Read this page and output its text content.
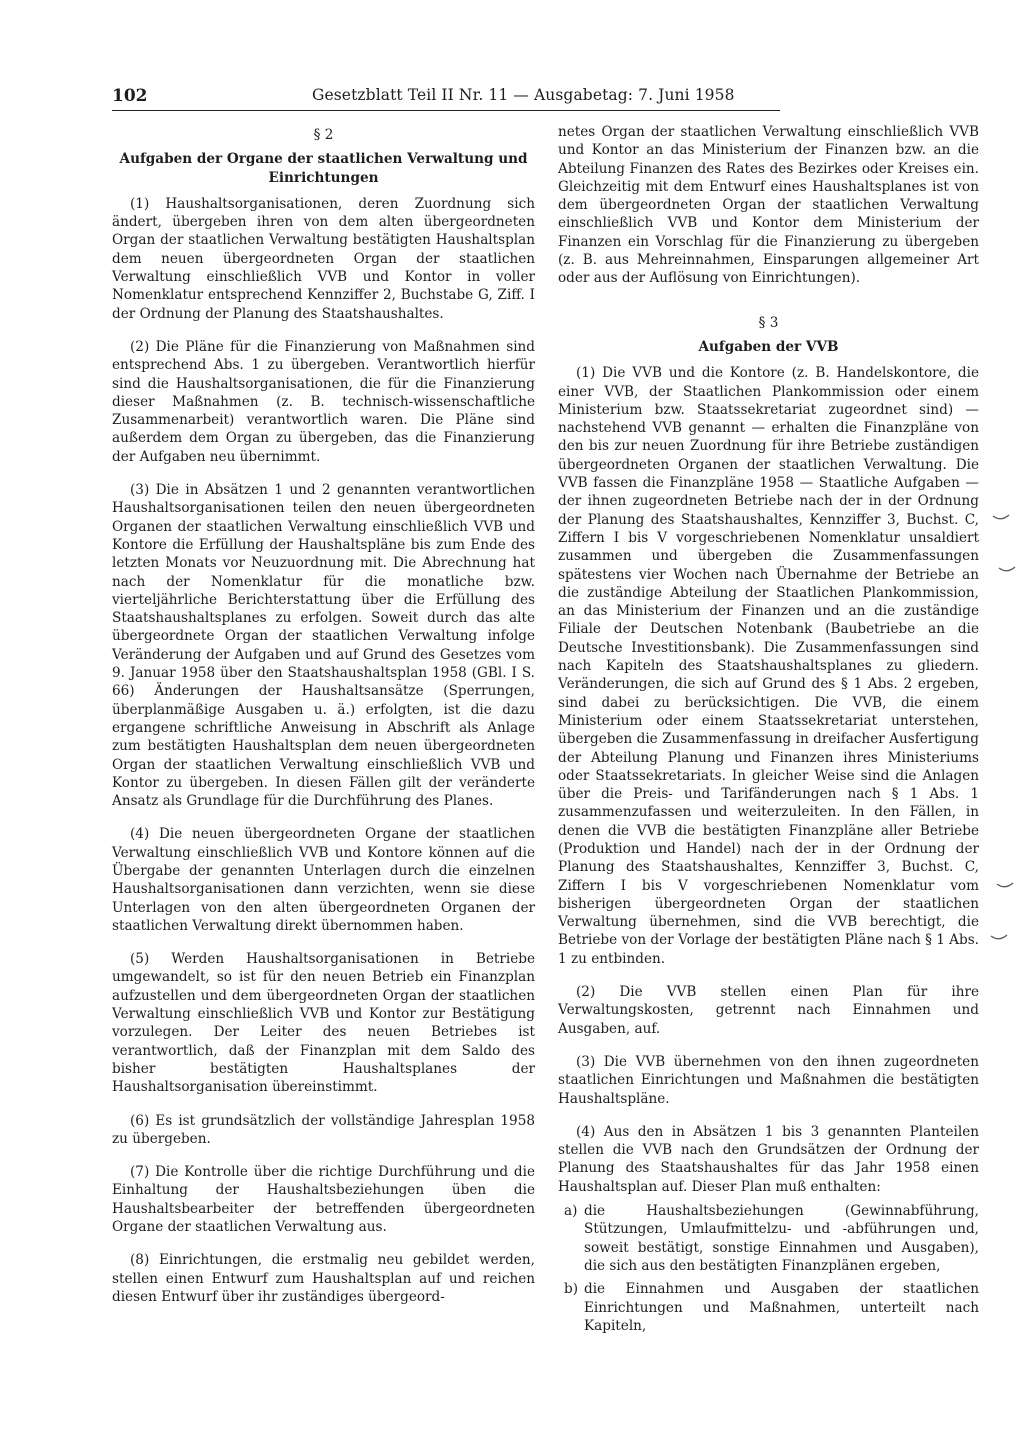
102	Gesetzblatt Teil II Nr. 11 — Ausgabetag: 7. Juni 1958
§ 2
Aufgaben der Organe der staatlichen Verwaltung und Einrichtungen

(1) Haushaltsorganisationen, deren Zuordnung sich ändert, übergeben ihren von dem alten übergeordneten Organ der staatlichen Verwaltung bestätigten Haushaltsplan dem neuen übergeordneten Organ der staatlichen Verwaltung einschließlich VVB und Kontor in voller Nomenklatur entsprechend Kennziffer 2, Buchstabe G, Ziff. I der Ordnung der Planung des Staatshaushaltes.

(2) Die Pläne für die Finanzierung von Maßnahmen sind entsprechend Abs. 1 zu übergeben. Verantwortlich hierfür sind die Haushaltsorganisationen, die für die Finanzierung dieser Maßnahmen (z. B. technisch-wissenschaftliche Zusammenarbeit) verantwortlich waren. Die Pläne sind außerdem dem Organ zu übergeben, das die Finanzierung der Aufgaben neu übernimmt.

(3) Die in Absätzen 1 und 2 genannten verantwortlichen Haushaltsorganisationen teilen den neuen übergeordneten Organen der staatlichen Verwaltung einschließlich VVB und Kontore die Erfüllung der Haushaltspläne bis zum Ende des letzten Monats vor Neuzuordnung mit. Die Abrechnung hat nach der Nomenklatur für die monatliche bzw. vierteljährliche Berichterstattung über die Erfüllung des Staatshaushaltsplanes zu erfolgen. Soweit durch das alte übergeordnete Organ der staatlichen Verwaltung infolge Veränderung der Aufgaben und auf Grund des Gesetzes vom 9. Januar 1958 über den Staatshaushaltsplan 1958 (GBl. I S. 66) Änderungen der Haushaltsansätze (Sperrungen, überplanmäßige Ausgaben u. ä.) erfolgten, ist die dazu ergangene schriftliche Anweisung in Abschrift als Anlage zum bestätigten Haushaltsplan dem neuen übergeordneten Organ der staatlichen Verwaltung einschließlich VVB und Kontor zu übergeben. In diesen Fällen gilt der veränderte Ansatz als Grundlage für die Durchführung des Planes.

(4) Die neuen übergeordneten Organe der staatlichen Verwaltung einschließlich VVB und Kontore können auf die Übergabe der genannten Unterlagen durch die einzelnen Haushaltsorganisationen dann verzichten, wenn sie diese Unterlagen von den alten übergeordneten Organen der staatlichen Verwaltung direkt übernommen haben.

(5) Werden Haushaltsorganisationen in Betriebe umgewandelt, so ist für den neuen Betrieb ein Finanzplan aufzustellen und dem übergeordneten Organ der staatlichen Verwaltung einschließlich VVB und Kontor zur Bestätigung vorzulegen. Der Leiter des neuen Betriebes ist verantwortlich, daß der Finanzplan mit dem Saldo des bisher bestätigten Haushaltsplanes der Haushaltsorganisation übereinstimmt.

(6) Es ist grundsätzlich der vollständige Jahresplan 1958 zu übergeben.

(7) Die Kontrolle über die richtige Durchführung und die Einhaltung der Haushaltsbeziehungen üben die Haushaltsbearbeiter der betreffenden übergeordneten Organe der staatlichen Verwaltung aus.

(8) Einrichtungen, die erstmalig neu gebildet werden, stellen einen Entwurf zum Haushaltsplan auf und reichen diesen Entwurf über ihr zuständiges übergeord-

netes Organ der staatlichen Verwaltung einschließlich VVB und Kontor an das Ministerium der Finanzen bzw. an die Abteilung Finanzen des Rates des Bezirkes oder Kreises ein. Gleichzeitig mit dem Entwurf eines Haushaltsplanes ist von dem übergeordneten Organ der staatlichen Verwaltung einschließlich VVB und Kontor dem Ministerium der Finanzen ein Vorschlag für die Finanzierung zu übergeben (z. B. aus Mehreinnahmen, Einsparungen allgemeiner Art oder aus der Auflösung von Einrichtungen).

§ 3
Aufgaben der VVB

(1) Die VVB und die Kontore (z. B. Handelskontore, die einer VVB, der Staatlichen Plankommission oder einem Ministerium bzw. Staatssekretariat zugeordnet sind) — nachstehend VVB genannt — erhalten die Finanzpläne von den bis zur neuen Zuordnung für ihre Betriebe zuständigen übergeordneten Organen der staatlichen Verwaltung. Die VVB fassen die Finanzpläne 1958 — Staatliche Aufgaben — der ihnen zugeordneten Betriebe nach der in der Ordnung der Planung des Staatshaushaltes, Kennziffer 3, Buchst. C, Ziffern I bis V vorgeschriebenen Nomenklatur unsaldiert zusammen und übergeben die Zusammenfassungen spätestens vier Wochen nach Übernahme der Betriebe an die zuständige Abteilung der Staatlichen Plankommission, an das Ministerium der Finanzen und an die zuständige Filiale der Deutschen Notenbank (Baubetriebe an die Deutsche Investitionsbank). Die Zusammenfassungen sind nach Kapiteln des Staatshaushaltsplanes zu gliedern. Veränderungen, die sich auf Grund des § 1 Abs. 2 ergeben, sind dabei zu berücksichtigen. Die VVB, die einem Ministerium oder einem Staatssekretariat unterstehen, übergeben die Zusammenfassung in dreifacher Ausfertigung der Abteilung Planung und Finanzen ihres Ministeriums oder Staatssekretariats. In gleicher Weise sind die Anlagen über die Preis- und Tarifänderungen nach § 1 Abs. 1 zusammenzufassen und weiterzuleiten. In den Fällen, in denen die VVB die bestätigten Finanzpläne aller Betriebe (Produktion und Handel) nach der in der Ordnung der Planung des Staatshaushaltes, Kennziffer 3, Buchst. C, Ziffern I bis V vorgeschriebenen Nomenklatur vom bisherigen übergeordneten Organ der staatlichen Verwaltung übernehmen, sind die VVB berechtigt, die Betriebe von der Vorlage der bestätigten Pläne nach § 1 Abs. 1 zu entbinden.

(2) Die VVB stellen einen Plan für ihre Verwaltungskosten, getrennt nach Einnahmen und Ausgaben, auf.

(3) Die VVB übernehmen von den ihnen zugeordneten staatlichen Einrichtungen und Maßnahmen die bestätigten Haushaltspläne.

(4) Aus den in Absätzen 1 bis 3 genannten Planteilen stellen die VVB nach den Grundsätzen der Ordnung der Planung des Staatshaushaltes für das Jahr 1958 einen Haushaltsplan auf. Dieser Plan muß enthalten:

a) die Haushaltsbeziehungen (Gewinnabführung, Stützungen, Umlaufmittelzu- und -abführungen und, soweit bestätigt, sonstige Einnahmen und Ausgaben), die sich aus den bestätigten Finanzplänen ergeben,
b) die Einnahmen und Ausgaben der staatlichen Einrichtungen und Maßnahmen, unterteilt nach Kapiteln,
